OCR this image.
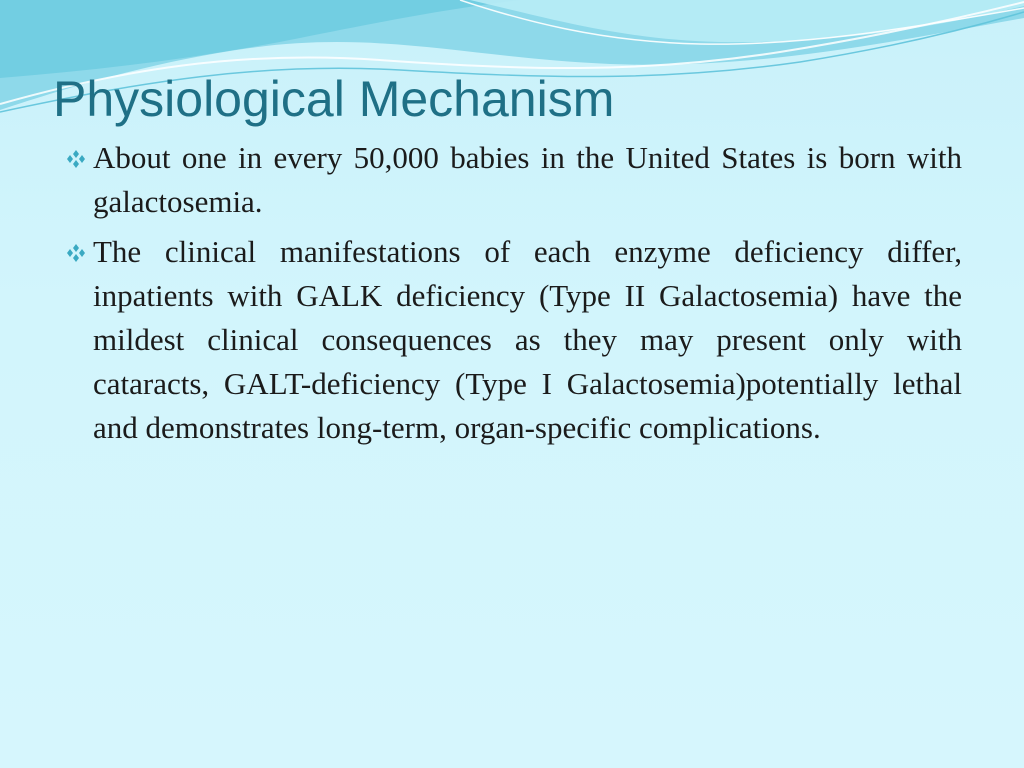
Physiological Mechanism
About one in every 50,000 babies in the United States is born with galactosemia.
The clinical manifestations of each enzyme deficiency differ, inpatients with GALK deficiency (Type II Galactosemia) have the mildest clinical consequences as they may present only with cataracts, GALT-deficiency (Type I Galactosemia)potentially lethal and demonstrates long-term, organ-specific complications.
